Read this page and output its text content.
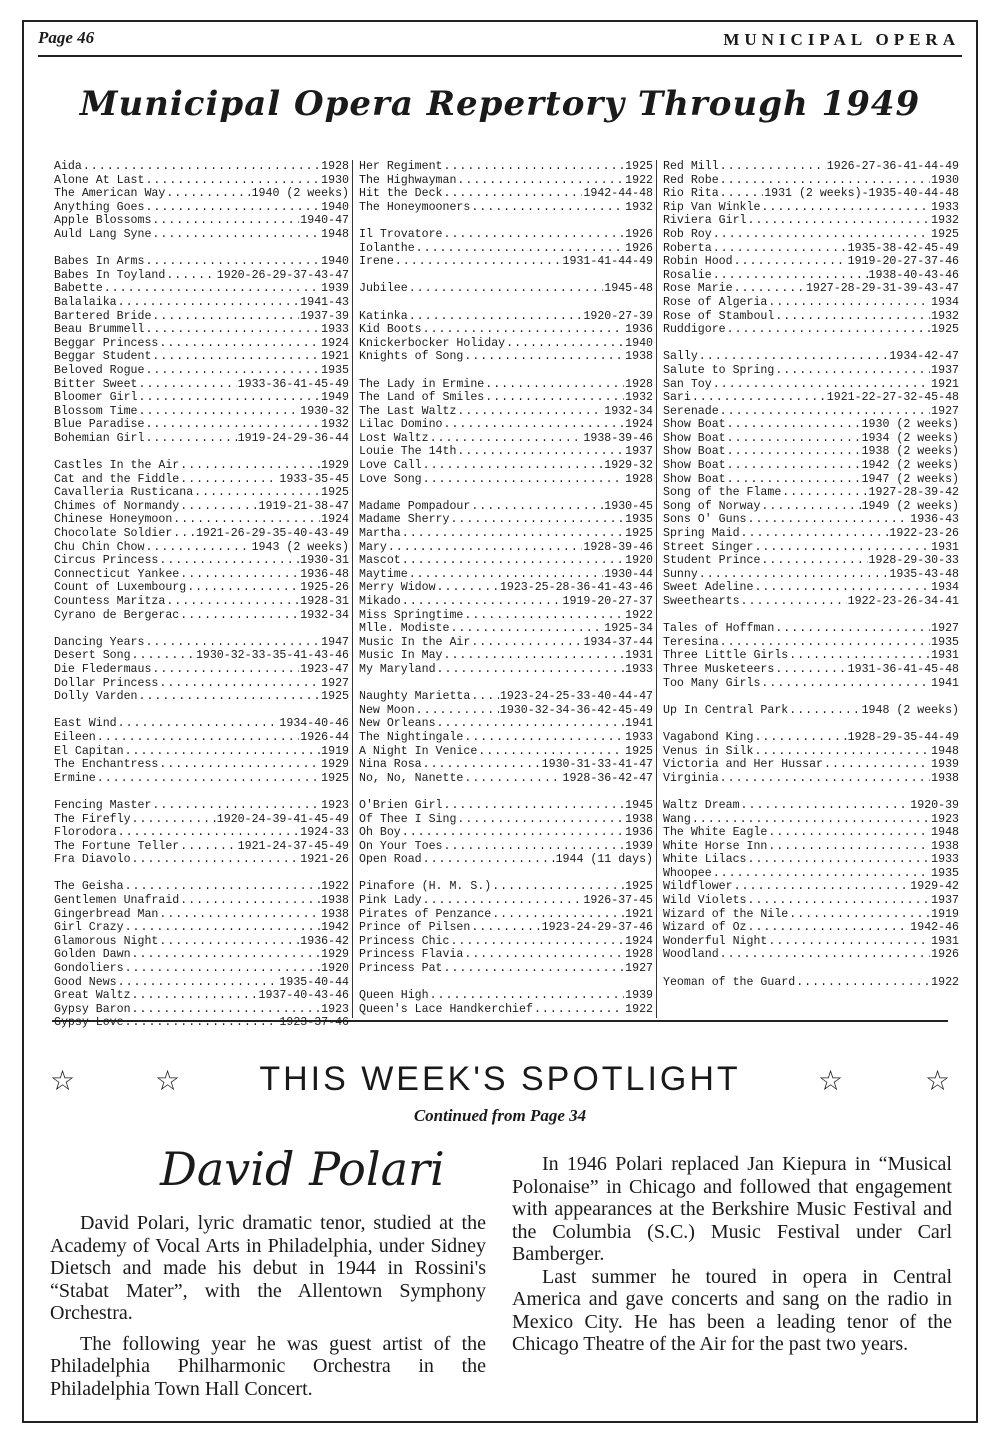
Page 46	MUNICIPAL OPERA
Municipal Opera Repertory Through 1949
Aida .....	1928
Alone At Last .....	1930
The American Way .....	1940 (2 weeks)
Anything Goes .....	1940
Apple Blossoms .....	1940-47
Auld Lang Syne .....	1948
Babes In Arms .....	1940
Babes In Toyland .....	1920-26-29-37-43-47
Babette .....	1939
Balalaika .....	1941-43
Bartered Bride .....	1937-39
Beau Brummell .....	1933
Beggar Princess .....	1924
Beggar Student .....	1921
Beloved Rogue .....	1935
Bitter Sweet .....	1933-36-41-45-49
Bloomer Girl .....	1949
Blossom Time .....	1930-32
Blue Paradise .....	1932
Bohemian Girl .....	1919-24-29-36-44
Castles In the Air .....	1929
Cat and the Fiddle .....	1933-35-45
Cavalleria Rusticana .....	1925
Chimes of Normandy .....	1919-21-38-47
Chinese Honeymoon .....	1924
Chocolate Soldier ..... 1921-26-29-35-40-43-49
Chu Chin Chow .....	1943 (2 weeks)
Circus Princess .....	1930-31
Connecticut Yankee .....	1936-48
Count of Luxembourg .....	1925-26
Countess Maritza .....	1928-31
Cyrano de Bergerac .....	1932-34
Dancing Years .....	1947
Desert Song .....	1930-32-33-35-41-43-46
Die Fledermaus .....	1923-47
Dollar Princess .....	1927
Dolly Varden .....	1925
East Wind .....	1934-40-46
Eileen .....	1926-44
El Capitan .....	1919
The Enchantress .....	1929
Ermine .....	1925
Fencing Master .....	1923
The Firefly .....	1920-24-39-41-45-49
Florodora .....	1924-33
The Fortune Teller .....	1921-24-37-45-49
Fra Diavolo .....	1921-26
The Geisha .....	1922
Gentlemen Unafraid .....	1938
Gingerbread Man .....	1938
Girl Crazy .....	1942
Glamorous Night .....	1936-42
Golden Dawn .....	1929
Gondoliers .....	1920
Good News .....	1935-40-44
Great Waltz .....	1937-40-43-46
Gypsy Baron .....	1923
Gypsy Love .....	1923-37-46
Her Regiment .....	1925
The Highwayman .....	1922
Hit the Deck .....	1942-44-48
The Honeymooners .....	1932
Il Trovatore .....	1926
Iolanthe .....	1926
Irene .....	1931-41-44-49
Jubilee .....	1945-48
Katinka .....	1920-27-39
Kid Boots .....	1936
Knickerbocker Holiday .....	1940
Knights of Song .....	1938
The Lady in Ermine .....	1928
The Land of Smiles .....	1932
The Last Waltz .....	1932-34
Lilac Domino .....	1924
Lost Waltz .....	1938-39-46
Louie The 14th .....	1937
Love Call .....	1929-32
Love Song .....	1928
Madame Pompadour .....	1930-45
Madame Sherry .....	1935
Martha .....	1925
Mary .....	1928-39-46
Mascot .....	1920
Maytime .....	1930-44
Merry Widow .....	1923-25-28-36-41-43-46
Mikado .....	1919-20-27-37
Miss Springtime .....	1922
Mlle. Modiste .....	1925-34
Music In the Air .....	1934-37-44
Music In May .....	1931
My Maryland .....	1933
Naughty Marietta .....	1923-24-25-33-40-44-47
New Moon .....	1930-32-34-36-42-45-49
New Orleans .....	1941
The Nightingale .....	1933
A Night In Venice .....	1925
Nina Rosa .....	1930-31-33-41-47
No, No, Nanette .....	1928-36-42-47
O'Brien Girl .....	1945
Of Thee I Sing .....	1938
Oh Boy .....	1936
On Your Toes .....	1939
Open Road .....	1944 (11 days)
Pinafore (H. M. S.) .....	1925
Pink Lady .....	1926-37-45
Pirates of Penzance .....	1921
Prince of Pilsen .....	1923-24-29-37-46
Princess Chic .....	1924
Princess Flavia .....	1928
Princess Pat .....	1927
Queen High .....	1939
Queen's Lace Handkerchief .....	1922
Red Mill .....	1926-27-36-41-44-49
Red Robe .....	1930
Rio Rita .....	1931 (2 weeks)-1935-40-44-48
Rip Van Winkle .....	1933
Riviera Girl .....	1932
Rob Roy .....	1925
Roberta .....	1935-38-42-45-49
Robin Hood .....	1919-20-27-37-46
Rosalie .....	1938-40-43-46
Rose Marie .....	1927-28-29-31-39-43-47
Rose of Algeria .....	1934
Rose of Stamboul .....	1932
Ruddigore .....	1925
Sally .....	1934-42-47
Salute to Spring .....	1937
San Toy .....	1921
Sari .....	1921-22-27-32-45-48
Serenade .....	1927
Show Boat .....	1930 (2 weeks)
Show Boat .....	1934 (2 weeks)
Show Boat .....	1938 (2 weeks)
Show Boat .....	1942 (2 weeks)
Show Boat .....	1947 (2 weeks)
Song of the Flame .....	1927-28-39-42
Song of Norway .....	1949 (2 weeks)
Sons O' Guns .....	1936-43
Spring Maid .....	1922-23-26
Street Singer .....	1931
Student Prince .....	1928-29-30-33
Sunny .....	1935-43-48
Sweet Adeline .....	1934
Sweethearts .....	1922-23-26-34-41
Tales of Hoffman .....	1927
Teresina .....	1935
Three Little Girls .....	1931
Three Musketeers .....	1931-36-41-45-48
Too Many Girls .....	1941
Up In Central Park .....	1948 (2 weeks)
Vagabond King .....	1928-29-35-44-49
Venus in Silk .....	1948
Victoria and Her Hussar .....	1939
Virginia .....	1938
Waltz Dream .....	1920-39
Wang .....	1923
The White Eagle .....	1948
White Horse Inn .....	1938
White Lilacs .....	1933
Whoopee .....	1935
Wildflower .....	1929-42
Wild Violets .....	1937
Wizard of the Nile .....	1919
Wizard of Oz .....	1942-46
Wonderful Night .....	1931
Woodland .....	1926
Yeoman of the Guard .....	1922
☆	☆	THIS WEEK'S SPOTLIGHT	☆	☆
Continued from Page 34
David Polari

David Polari, lyric dramatic tenor, studied at the Academy of Vocal Arts in Philadelphia, under Sidney Dietsch and made his debut in 1944 in Rossini's “Stabat Mater”, with the Allentown Symphony Orchestra.

The following year he was guest artist of the Philadelphia Philharmonic Orchestra in the Philadelphia Town Hall Concert.

In 1946 Polari replaced Jan Kiepura in “Musical Polonaise” in Chicago and followed that engagement with appearances at the Berkshire Music Festival and the Columbia (S.C.) Music Festival under Carl Bamberger.

Last summer he toured in opera in Central America and gave concerts and sang on the radio in Mexico City. He has been a leading tenor of the Chicago Theatre of the Air for the past two years.
